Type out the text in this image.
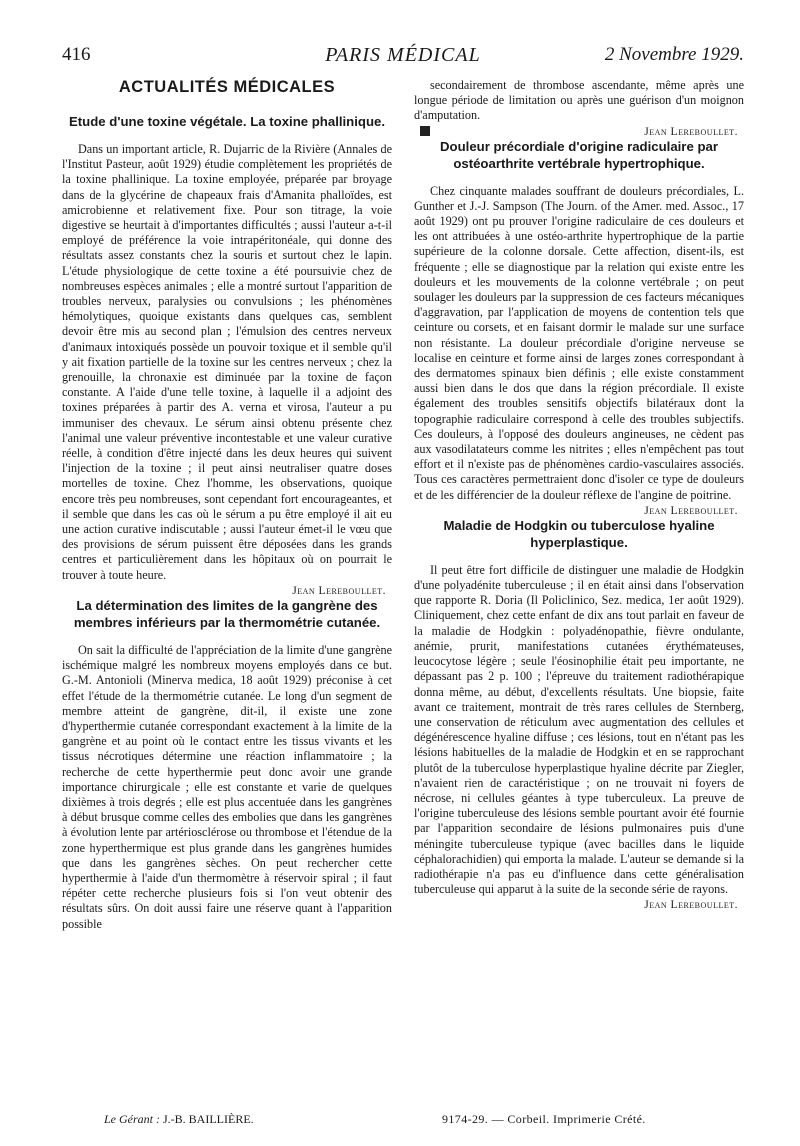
416	PARIS MÉDICAL	2 Novembre 1929.
ACTUALITÉS MÉDICALES
Etude d'une toxine végétale. La toxine phallinique.

Dans un important article, R. Dujarric de la Rivière (Annales de l'Institut Pasteur, août 1929) étudie complètement les propriétés de la toxine phallinique. La toxine employée, préparée par broyage dans de la glycérine de chapeaux frais d'Amanita phalloïdes, est amicrobienne et relativement fixe. Pour son titrage, la voie digestive se heurtait à d'importantes difficultés ; aussi l'auteur a-t-il employé de préférence la voie intrapéritonéale, qui donne des résultats assez constants chez la souris et surtout chez le lapin. L'étude physiologique de cette toxine a été poursuivie chez de nombreuses espèces animales ; elle a montré surtout l'apparition de troubles nerveux, paralysies ou convulsions ; les phénomènes hémolytiques, quoique existants dans quelques cas, semblent devoir être mis au second plan ; l'émulsion des centres nerveux d'animaux intoxiqués possède un pouvoir toxique et il semble qu'il y ait fixation partielle de la toxine sur les centres nerveux ; chez la grenouille, la chronaxie est diminuée par la toxine de façon constante. A l'aide d'une telle toxine, à laquelle il a adjoint des toxines préparées à partir des A. verna et virosa, l'auteur a pu immuniser des chevaux. Le sérum ainsi obtenu présente chez l'animal une valeur préventive incontestable et une valeur curative réelle, à condition d'être injecté dans les deux heures qui suivent l'injection de la toxine ; il peut ainsi neutraliser quatre doses mortelles de toxine. Chez l'homme, les observations, quoique encore très peu nombreuses, sont cependant fort encourageantes, et il semble que dans les cas où le sérum a pu être employé il ait eu une action curative indiscutable ; aussi l'auteur émet-il le vœu que des provisions de sérum puissent être déposées dans les grands centres et particulièrement dans les hôpitaux où on pourrait le trouver à toute heure.

Jean Lereboullet.
La détermination des limites de la gangrène des membres inférieurs par la thermométrie cutanée.

On sait la difficulté de l'appréciation de la limite d'une gangrène ischémique malgré les nombreux moyens employés dans ce but. G.-M. Antonioli (Minerva medica, 18 août 1929) préconise à cet effet l'étude de la thermométrie cutanée. Le long d'un segment de membre atteint de gangrène, dit-il, il existe une zone d'hyperthermie cutanée correspondant exactement à la limite de la gangrène et au point où le contact entre les tissus vivants et les tissus nécrotiques détermine une réaction inflammatoire ; la recherche de cette hyperthermie peut donc avoir une grande importance chirurgicale ; elle est constante et varie de quelques dixièmes à trois degrés ; elle est plus accentuée dans les gangrènes à début brusque comme celles des embolies que dans les gangrènes à évolution lente par artériosclérose ou thrombose et l'étendue de la zone hyperthermique est plus grande dans les gangrènes humides que dans les gangrènes sèches. On peut rechercher cette hyperthermie à l'aide d'un thermomètre à réservoir spiral ; il faut répéter cette recherche plusieurs fois si l'on veut obtenir des résultats sûrs. On doit aussi faire une réserve quant à l'apparition possible

secondairement de thrombose ascendante, même après une longue période de limitation ou après une guérison d'un moignon d'amputation.

Jean Lereboullet.
Douleur précordiale d'origine radiculaire par ostéoarthrite vertébrale hypertrophique.

Chez cinquante malades souffrant de douleurs précordiales, L. Gunther et J.-J. Sampson (The Journ. of the Amer. med. Assoc., 17 août 1929) ont pu prouver l'origine radiculaire de ces douleurs et les ont attribuées à une ostéo-arthrite hypertrophique de la partie supérieure de la colonne dorsale. Cette affection, disent-ils, est fréquente ; elle se diagnostique par la relation qui existe entre les douleurs et les mouvements de la colonne vertébrale ; on peut soulager les douleurs par la suppression de ces facteurs mécaniques d'aggravation, par l'application de moyens de contention tels que ceinture ou corsets, et en faisant dormir le malade sur une surface non résistante. La douleur précordiale d'origine nerveuse se localise en ceinture et forme ainsi de larges zones correspondant à des dermatomes spinaux bien définis ; elle existe constamment aussi bien dans le dos que dans la région précordiale. Il existe également des troubles sensitifs objectifs bilatéraux dont la topographie radiculaire correspond à celle des troubles subjectifs. Ces douleurs, à l'opposé des douleurs angineuses, ne cèdent pas aux vasodilatateurs comme les nitrites ; elles n'empêchent pas tout effort et il n'existe pas de phénomènes cardio-vasculaires associés. Tous ces caractères permettraient donc d'isoler ce type de douleurs et de les différencier de la douleur réflexe de l'angine de poitrine.

Jean Lereboullet.
Maladie de Hodgkin ou tuberculose hyaline hyperplastique.

Il peut être fort difficile de distinguer une maladie de Hodgkin d'une polyadénite tuberculeuse ; il en était ainsi dans l'observation que rapporte R. Doria (Il Policlinico, Sez. medica, 1er août 1929). Cliniquement, chez cette enfant de dix ans tout parlait en faveur de la maladie de Hodgkin : polyadénopathie, fièvre ondulante, anémie, prurit, manifestations cutanées érythémateuses, leucocytose légère ; seule l'éosinophilie était peu importante, ne dépassant pas 2 p. 100 ; l'épreuve du traitement radiothérapique donna même, au début, d'excellents résultats. Une biopsie, faite avant ce traitement, montrait de très rares cellules de Sternberg, une conservation de réticulum avec augmentation des cellules et dégénérescence hyaline diffuse ; ces lésions, tout en n'étant pas les lésions habituelles de la maladie de Hodgkin et en se rapprochant plutôt de la tuberculose hyperplastique hyaline décrite par Ziegler, n'avaient rien de caractéristique ; on ne trouvait ni foyers de nécrose, ni cellules géantes à type tuberculeux. La preuve de l'origine tuberculeuse des lésions semble pourtant avoir été fournie par l'apparition secondaire de lésions pulmonaires puis d'une méningite tuberculeuse typique (avec bacilles dans le liquide céphalorachidien) qui emporta la malade. L'auteur se demande si la radiothérapie n'a pas eu d'influence dans cette généralisation tuberculeuse qui apparut à la suite de la seconde série de rayons.

Jean Lereboullet.
Le Gérant : J.-B. BAILLIÈRE.	9174-29. — Corbeil. Imprimerie Crété.
